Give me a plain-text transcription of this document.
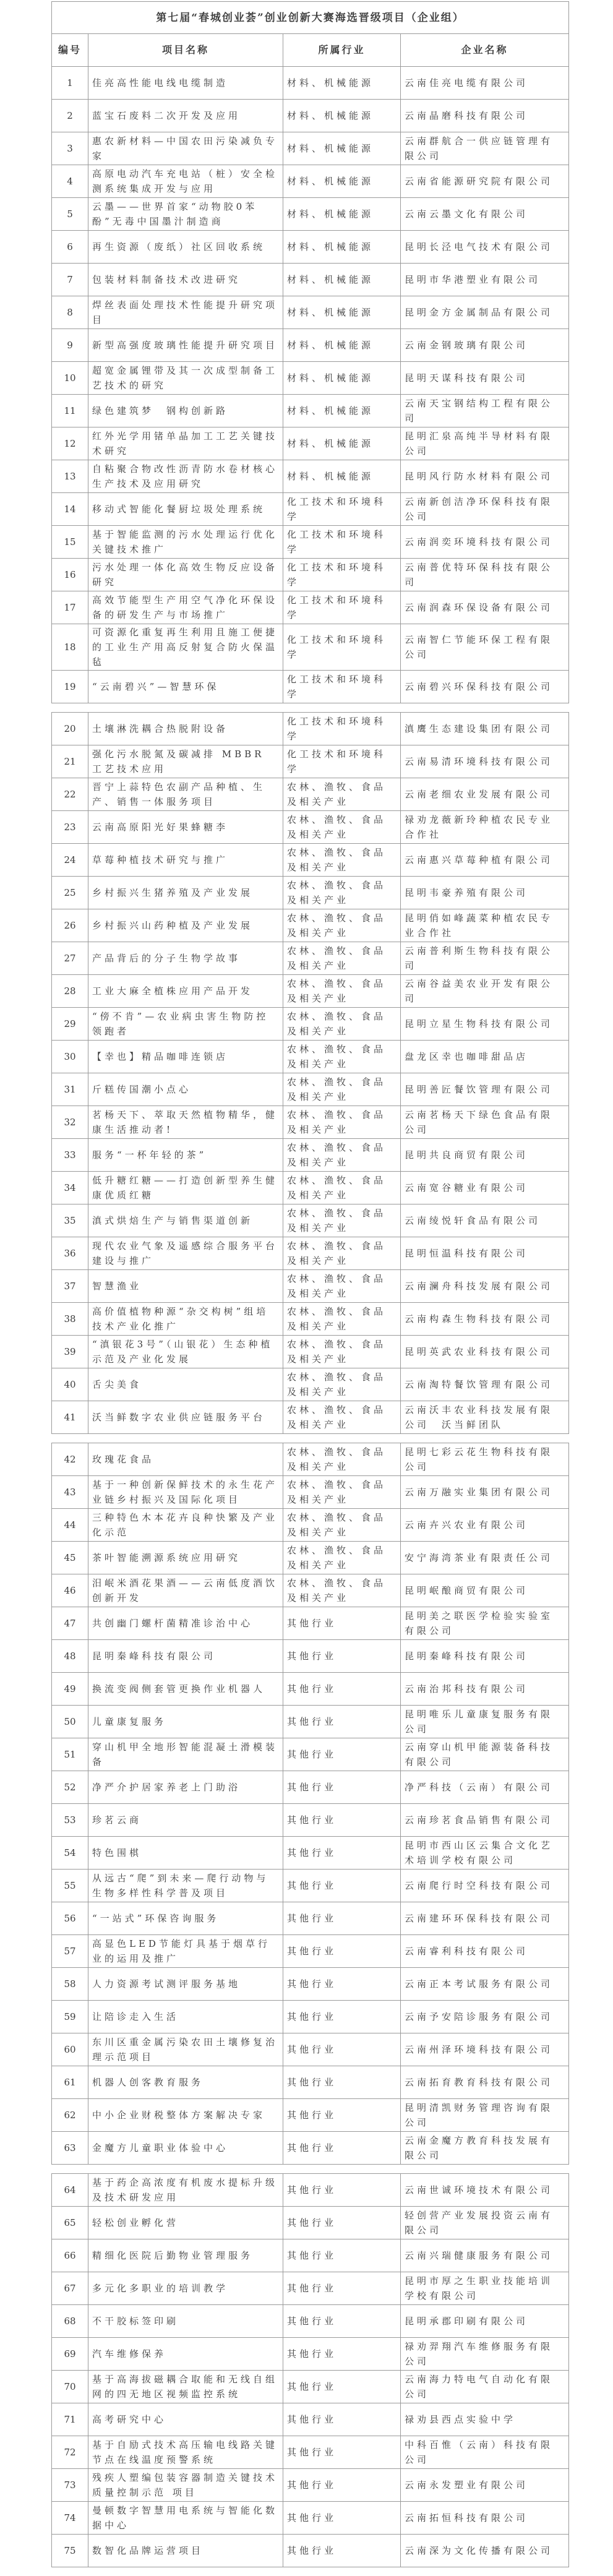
第七届“春城创业荟”创业创新大赛海选晋级项目（企业组）			
编号	项目名称	所属行业	企业名称
1	佳亮高性能电线电缆制造	材料、机械能源	云南佳亮电缆有限公司
2	蓝宝石废料二次开发及应用	材料、机械能源	云南晶磨科技有限公司
3	惠农新材料—中国农田污染减负专家	材料、机械能源	云南群航合一供应链管理有限公司
4	高原电动汽车充电站（桩）安全检测系统集成开发与应用	材料、机械能源	云南省能源研究院有限公司
5	云墨——世界首家“动物胶0苯酚”无毒中国墨汁制造商	材料、机械能源	云南云墨文化有限公司
6	再生资源（废纸）社区回收系统	材料、机械能源	昆明长泾电气技术有限公司
7	包装材料制备技术改进研究	材料、机械能源	昆明市华港塑业有限公司
8	焊丝表面处理技术性能提升研究项目	材料、机械能源	昆明金方金属制品有限公司
9	新型高强度玻璃性能提升研究项目	材料、机械能源	云南金钢玻璃有限公司
10	超宽金属锂带及其一次成型制备工艺技术的研究	材料、机械能源	昆明天谋科技有限公司
11	绿色建筑梦　钢构创新路	材料、机械能源	云南天宝钢结构工程有限公司
12	红外光学用锗单晶加工工艺关键技术研究	材料、机械能源	昆明汇泉高纯半导材料有限公司
13	自粘聚合物改性沥青防水卷材核心生产技术及应用研究	材料、机械能源	昆明风行防水材料有限公司
14	移动式智能化餐厨垃圾处理系统	化工技术和环境科学	云南新创洁净环保科技有限公司
15	基于智能监测的污水处理运行优化关键技术推广	化工技术和环境科学	云南润奕环境科技有限公司
16	污水处理一体化高效生物反应设备研究	化工技术和环境科学	云南普优特环保科技有限公司
17	高效节能型生产用空气净化环保设备的研发生产与市场推广	化工技术和环境科学	云南润森环保设备有限公司
18	可资源化重复再生利用且施工便捷的工业生产用高反射复合防火保温毡	化工技术和环境科学	云南智仁节能环保工程有限公司
19	“云南碧兴”—智慧环保	化工技术和环境科学	云南碧兴环保科技有限公司
20	土壤淋洗耦合热脱附设备	化工技术和环境科学	滇鹰生态建设集团有限公司
21	强化污水脱氮及碳减排 MBBR 工艺技术应用	化工技术和环境科学	云南易清环境科技有限公司
22	晋宁上蒜特色农副产品种植、生产、销售一体服务项目	农林、渔牧、食品及相关产业	云南老细农业发展有限公司
23	云南高原阳光好果蜂糖李	农林、渔牧、食品及相关产业	禄劝龙薇新玲种植农民专业合作社
24	草莓种植技术研究与推广	农林、渔牧、食品及相关产业	云南惠兴草莓种植有限公司
25	乡村振兴生猪养殖及产业发展	农林、渔牧、食品及相关产业	昆明韦豪养殖有限公司
26	乡村振兴山药种植及产业发展	农林、渔牧、食品及相关产业	昆明俏如峰蔬菜种植农民专业合作社
27	产品背后的分子生物学故事	农林、渔牧、食品及相关产业	云南普利斯生物科技有限公司
28	工业大麻全植株应用产品开发	农林、渔牧、食品及相关产业	云南谷益美农业开发有限公司
29	“傍不肯”—农业病虫害生物防控领跑者	农林、渔牧、食品及相关产业	昆明立星生物科技有限公司
30	【幸也】精品咖啡连锁店	农林、渔牧、食品及相关产业	盘龙区幸也咖啡甜品店
31	斤糕传国潮小点心	农林、渔牧、食品及相关产业	昆明善匠餐饮管理有限公司
32	茗杨天下、萃取天然植物精华，健康生活推动者!	农林、渔牧、食品及相关产业	云南茗杨天下绿色食品有限公司
33	服务“一杯年轻的茶”	农林、渔牧、食品及相关产业	昆明共良商贸有限公司
34	低升糖红糖——打造创新型养生健康优质红糖	农林、渔牧、食品及相关产业	云南宽谷糖业有限公司
35	滇式烘焙生产与销售渠道创新	农林、渔牧、食品及相关产业	云南绫悦轩食品有限公司
36	现代农业气象及遥感综合服务平台建设与推广	农林、渔牧、食品及相关产业	昆明恒温科技有限公司
37	智慧渔业	农林、渔牧、食品及相关产业	云南澜舟科技发展有限公司
38	高价值植物种源“杂交构树”组培技术产业化推广	农林、渔牧、食品及相关产业	云南构森生物科技有限公司
39	“滇银花3号”（山银花）生态种植示范及产业化发展	农林、渔牧、食品及相关产业	昆明英武农业科技有限公司
40	舌尖美食	农林、渔牧、食品及相关产业	云南淘特餐饮管理有限公司
41	沃当鲜数字农业供应链服务平台	农林、渔牧、食品及相关产业	云南沃丰农业科技发展有限公司　沃当鲜团队
42	玫瑰花食品	农林、渔牧、食品及相关产业	昆明七彩云花生物科技有限公司
43	基于一种创新保鲜技术的永生花产业链乡村振兴及国际化项目	农林、渔牧、食品及相关产业	云南万融实业集团有限公司
44	三种特色木本花卉良种快繁及产业化示范	农林、渔牧、食品及相关产业	云南卉兴农业有限公司
45	茶叶智能溯源系统应用研究	农林、渔牧、食品及相关产业	安宁海湾茶业有限责任公司
46	汨岷米酒花果酒——云南低度酒饮创新开发	农林、渔牧、食品及相关产业	昆明岷酿商贸有限公司
47	共创幽门螺杆菌精准诊治中心	其他行业	昆明美之联医学检验实验室有限公司
48	昆明秦峰科技有限公司	其他行业	昆明秦峰科技有限公司
49	换流变阀侧套管更换作业机器人	其他行业	云南治邦科技有限公司
50	儿童康复服务	其他行业	昆明唯乐儿童康复服务有限公司
51	穿山机甲全地形智能混凝土滑模装备	其他行业	云南穿山机甲能源装备科技有限公司
52	净严介护居家养老上门助浴	其他行业	净严科技（云南）有限公司
53	珍茗云商	其他行业	云南珍茗食品销售有限公司
54	特色围棋	其他行业	昆明市西山区云集合文化艺术培训学校有限公司
55	从远古“爬”到未来—爬行动物与生物多样性科学普及项目	其他行业	云南爬行时空科技有限公司
56	“一站式”环保咨询服务	其他行业	云南建环环保科技有限公司
57	高显色LED节能灯具基于烟草行业的运用及推广	其他行业	云南睿利科技有限公司
58	人力资源考试测评服务基地	其他行业	云南正本考试服务有限公司
59	让陪诊走入生活	其他行业	云南予安陪诊服务有限公司
60	东川区重金属污染农田土壤修复治理示范项目	其他行业	云南州泽环境科技有限公司
61	机器人创客教育服务	其他行业	云南拓育教育科技有限公司
62	中小企业财税整体方案解决专家	其他行业	昆明清凯财务管理咨询有限公司
63	金魔方儿童职业体验中心	其他行业	云南金魔方教育科技发展有限公司
64	基于药企高浓度有机废水提标升级及技术研发应用	其他行业	云南世诚环境技术有限公司
65	轻松创业孵化营	其他行业	轻创营产业发展投资云南有限公司
66	精细化医院后勤物业管理服务	其他行业	云南兴瑞健康服务有限公司
67	多元化多职业的培训教学	其他行业	昆明市厚之生职业技能培训学校有限公司
68	不干胶标签印刷	其他行业	昆明承郡印刷有限公司
69	汽车维修保养	其他行业	禄劝羿翔汽车维修服务有限公司
70	基于高海拔磁耦合取能和无线自组网的四无地区视频监控系统	其他行业	云南海力特电气自动化有限公司
71	高考研究中心	其他行业	禄劝县西点实验中学
72	基于自励式技术高压输电线路关键节点在线温度预警系统	其他行业	中科百惟（云南）科技有限公司
73	残疾人塑编包装容器制造关键技术质量控制示范 项目	其他行业	云南永发塑业有限公司
74	曼顿数字智慧用电系统与智能化数据中心	其他行业	云南拓恒科技有限公司
75	数智化品牌运营项目	其他行业	云南深为文化传播有限公司
